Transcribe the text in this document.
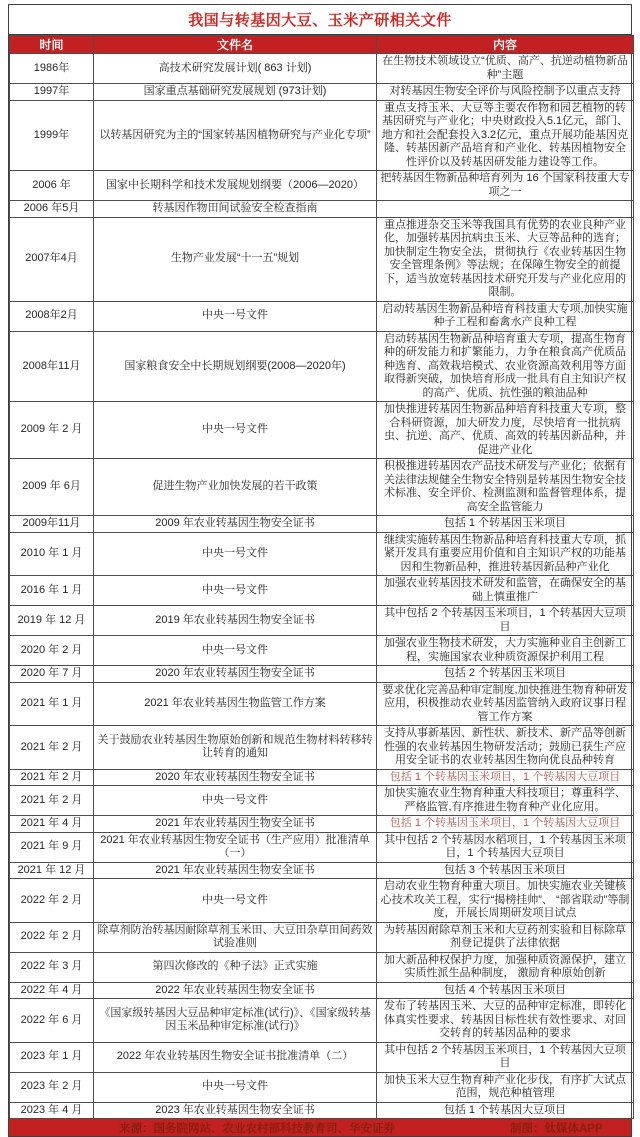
我国与转基因大豆、玉米产研相关文件
时间	文件名	内容
1986年	高技术研究发展计划( 863 计划)	在生物技术领域设立“优质、高产、抗逆动植物新品种”主题
1997年	国家重点基础研究发展规划 (973计划)	对转基因生物安全评价与风险控制予以重点支持
1999年	以转基因研究为主的“国家转基因植物研究与产业化专项”	重点支持玉米、大豆等主要农作物和园艺植物的转基因研究与产业化；中央财政投入5.1亿元，部门、地方和社会配套投入3.2亿元，重点开展功能基因克隆、转基因新产品培育和产业化、转基因植物安全性评价以及转基因研发能力建设等工作。
2006 年	国家中长期科学和技术发展规划纲要（2006—2020）	把转基因生物新品种培育列为 16 个国家科技重大专项之一
2006 年5月	转基因作物田间试验安全检查指南	
2007年4月	生物产业发展“十一五”规划	重点推进杂交玉米等我国具有优势的农业良种产业化，加强转基因抗病虫玉米、大豆等品种的选育；加快制定生物安全法，贯彻执行《农业转基因生物安全管理条例》等法规；在保障生物安全的前提下，适当放宽转基因技术研究开发与产业化应用的限制。
2008年2月	中央一号文件	启动转基因生物新品种培育科技重大专项,加快实施种子工程和畜禽水产良种工程
2008年11月	国家粮食安全中长期规划纲要(2008—2020年)	启动转基因生物新品种培育重大专项，提高生物育种的研发能力和扩繁能力，力争在粮食高产优质品种选育、高效栽培模式、农业资源高效利用等方面取得新突破，加快培育形成一批具有自主知识产权的高产、优质、抗性强的粮油品种
2009 年 2 月	中央一号文件	加快推进转基因生物新品种培育科技重大专项，整合科研资源，加大研发力度，尽快培育一批抗病虫、抗逆、高产、优质、高效的转基因新品种，并促进产业化
2009 年 6月	促进生物产业加快发展的若干政策	积极推进转基因农产品技术研发与产业化；依据有关法律法规健全生物安全特别是转基因生物安全技术标准、安全评价、检测监测和监督管理体系，提高安全监管能力
2009年11月	2009 年农业转基因生物安全证书	包括 1 个转基因玉米项目
2010 年 1 月	中央一号文件	继续实施转基因生物新品种培育科技重大专项，抓紧开发具有重要应用价值和自主知识产权的功能基因和生物新品种，推进转基因新品种产业化
2016 年 1 月	中央一号文件	加强农业转基因技术研发和监管，在确保安全的基础上慎重推广
2019 年 12 月	2019 年农业转基因生物安全证书	其中包括 2 个转基因玉米项目，1 个转基因大豆项目
2020 年 2 月	中央一号文件	加强农业生物技术研发，大力实施种业自主创新工程，实施国家农业种质资源保护利用工程
2020 年 7 月	2020 年农业转基因生物安全证书	包括 2 个转基因玉米项目
2021 年 1 月	2021 年农业转基因生物监管工作方案	要求优化完善品种审定制度,加快推进生物育种研发应用，积极推动农业转基因监管纳入政府议事日程管工作方案
2021 年 2 月	关于鼓励农业转基因生物原始创新和规范生物材料转移转让转育的通知	支持从事新基因、新性状、新技术、新产品等创新性强的农业转基因生物研发活动；鼓励已获生产应用安全证书的农业转基因生物向优良品种转育
2021 年 2 月	2020 年农业转基因生物安全证书	包括 1 个转基因玉米项目，1 个转基因大豆项目
2021 年 2 月	中央一号文件	加快实施农业生物育种重大科技项目；尊重科学、严格监管,有序推进生物育种产业化应用。
2021 年 4 月	2021 年农业转基因生物安全证书	包括 1 个转基因玉米项目，1 个转基因大豆项目
2021 年 9 月	2021 年农业转基因生物安全证书（生产应用）批准清单（一）	其中包括 2 个转基因水稻项目，1 个转基因玉米项目，1 个转基因大豆项目
2021 年 12 月	2021 年农业转基因生物安全证书	包括 3 个转基因玉米项目
2022 年 2 月	中央一号文件	启动农业生物育种重大项目。加快实施农业关键核心技术攻关工程，实行“揭榜挂帅”、 “部省联动”等制度，开展长周期研发项目试点
2022 年 2 月	除草剂防治转基因耐除草剂玉米田、大豆田杂草田间药效试验准则	为转基因耐除草剂玉米和大豆药剂实验和目标除草剂登记提供了法律依据
2022 年 3 月	第四次修改的《种子法》正式实施	加大新品种权保护力度，加强种质资源保护，建立实质性派生品种制度， 激励育种原始创新
2022 年 4 月	2022 年农业转基因生物安全证书	包括 4 个转基因玉米项目
2022 年 6 月	《国家级转基因大豆品种审定标准(试行)》、《国家级转基因玉米品种审定标准(试行)》	发布了转基因玉米、大豆的品种审定标准，即转化体真实性要求、转基因目标性状有效性要求、对回交转育的转基因品种的要求
2023 年 1 月	2022 年农业转基因生物安全证书批准清单（二）	其中包括 2 个转基因玉米项目，1 个转基因大豆项目
2023 年 2 月	中央一号文件	加快玉米大豆生物育种产业化步伐，有序扩大试点范围，规范种植管理
2023 年 4 月	2023 年农业转基因生物安全证书	包括 1 个转基因大豆项目
来源：国务院网站、农业农村部科技教育司、华安证券	制图：钛媒体APP
